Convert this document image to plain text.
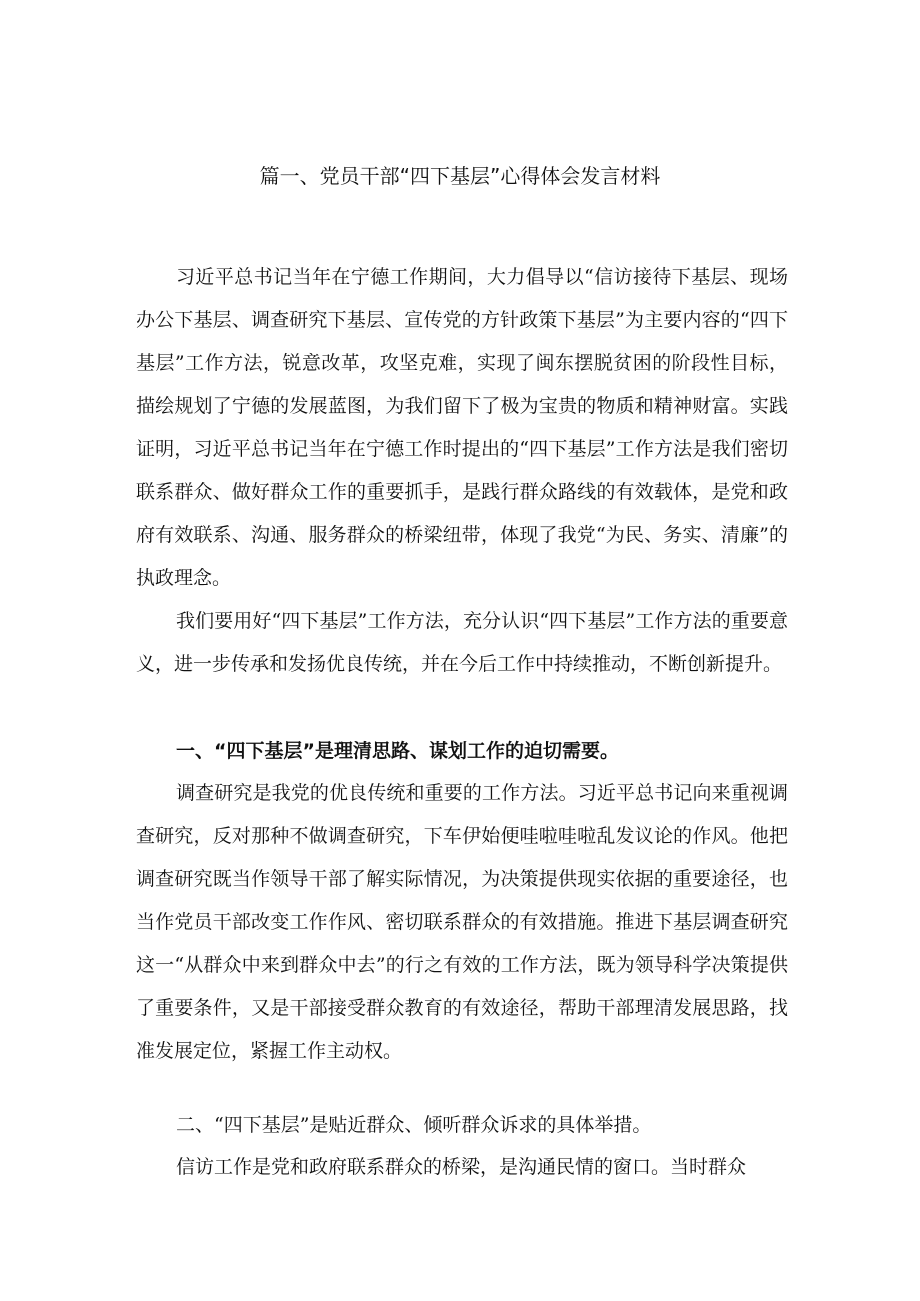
篇一、党员干部“四下基层”心得体会发言材料

习近平总书记当年在宁德工作期间，大力倡导以“信访接待下基层、现场办公下基层、调查研究下基层、宣传党的方针政策下基层”为主要内容的“四下基层”工作方法，锐意改革，攻坚克难，实现了闽东摆脱贫困的阶段性目标，描绘规划了宁德的发展蓝图，为我们留下了极为宝贵的物质和精神财富。实践证明，习近平总书记当年在宁德工作时提出的“四下基层”工作方法是我们密切联系群众、做好群众工作的重要抓手，是践行群众路线的有效载体，是党和政府有效联系、沟通、服务群众的桥梁纽带，体现了我党“为民、务实、清廉”的执政理念。

我们要用好“四下基层”工作方法，充分认识“四下基层”工作方法的重要意义，进一步传承和发扬优良传统，并在今后工作中持续推动，不断创新提升。

一、“四下基层”是理清思路、谋划工作的迫切需要。

调查研究是我党的优良传统和重要的工作方法。习近平总书记向来重视调查研究，反对那种不做调查研究，下车伊始便哇啦哇啦乱发议论的作风。他把调查研究既当作领导干部了解实际情况，为决策提供现实依据的重要途径，也当作党员干部改变工作作风、密切联系群众的有效措施。推进下基层调查研究这一“从群众中来到群众中去”的行之有效的工作方法，既为领导科学决策提供了重要条件，又是干部接受群众教育的有效途径，帮助干部理清发展思路，找准发展定位，紧握工作主动权。

二、“四下基层”是贴近群众、倾听群众诉求的具体举措。

信访工作是党和政府联系群众的桥梁，是沟通民情的窗口。当时群众
